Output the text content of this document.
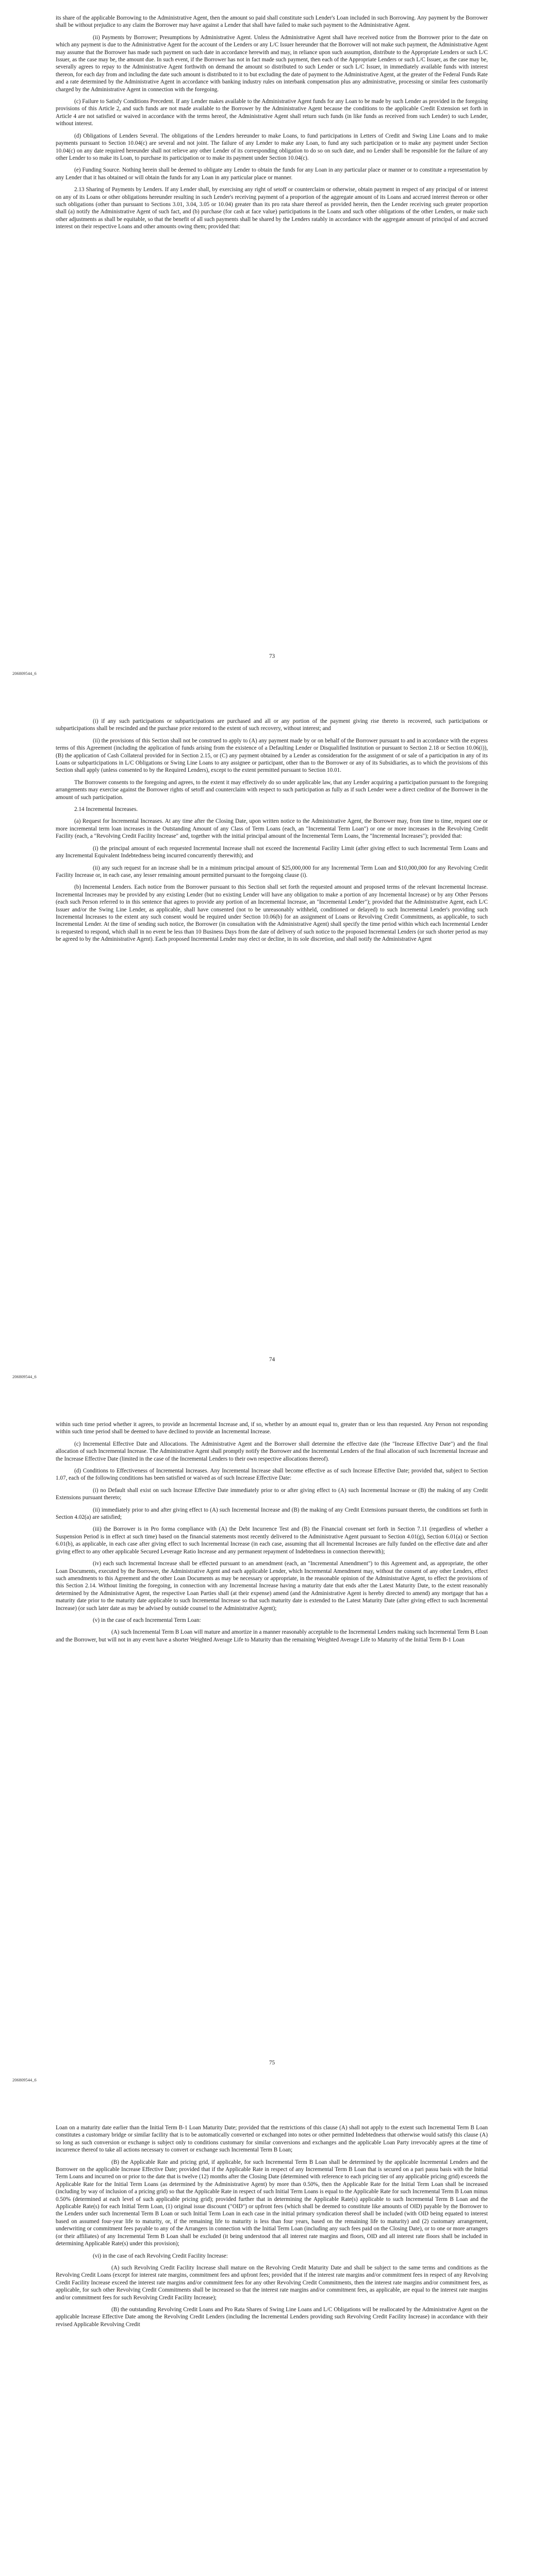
its share of the applicable Borrowing to the Administrative Agent, then the amount so paid shall constitute such Lender's Loan included in such Borrowing. Any payment by the Borrower shall be without prejudice to any claim the Borrower may have against a Lender that shall have failed to make such payment to the Administrative Agent.

(ii) Payments by Borrower; Presumptions by Administrative Agent. Unless the Administrative Agent shall have received notice from the Borrower prior to the date on which any payment is due to the Administrative Agent for the account of the Lenders or any L/C Issuer hereunder that the Borrower will not make such payment, the Administrative Agent may assume that the Borrower has made such payment on such date in accordance herewith and may, in reliance upon such assumption, distribute to the Appropriate Lenders or such L/C Issuer, as the case may be, the amount due. In such event, if the Borrower has not in fact made such payment, then each of the Appropriate Lenders or such L/C Issuer, as the case may be, severally agrees to repay to the Administrative Agent forthwith on demand the amount so distributed to such Lender or such L/C Issuer, in immediately available funds with interest thereon, for each day from and including the date such amount is distributed to it to but excluding the date of payment to the Administrative Agent, at the greater of the Federal Funds Rate and a rate determined by the Administrative Agent in accordance with banking industry rules on interbank compensation plus any administrative, processing or similar fees customarily charged by the Administrative Agent in connection with the foregoing.

(c) Failure to Satisfy Conditions Precedent. If any Lender makes available to the Administrative Agent funds for any Loan to be made by such Lender as provided in the foregoing provisions of this Article 2, and such funds are not made available to the Borrower by the Administrative Agent because the conditions to the applicable Credit Extension set forth in Article 4 are not satisfied or waived in accordance with the terms hereof, the Administrative Agent shall return such funds (in like funds as received from such Lender) to such Lender, without interest.

(d) Obligations of Lenders Several. The obligations of the Lenders hereunder to make Loans, to fund participations in Letters of Credit and Swing Line Loans and to make payments pursuant to Section 10.04(c) are several and not joint. The failure of any Lender to make any Loan, to fund any such participation or to make any payment under Section 10.04(c) on any date required hereunder shall not relieve any other Lender of its corresponding obligation to do so on such date, and no Lender shall be responsible for the failure of any other Lender to so make its Loan, to purchase its participation or to make its payment under Section 10.04(c).

(e) Funding Source. Nothing herein shall be deemed to obligate any Lender to obtain the funds for any Loan in any particular place or manner or to constitute a representation by any Lender that it has obtained or will obtain the funds for any Loan in any particular place or manner.

2.13 Sharing of Payments by Lenders. If any Lender shall, by exercising any right of setoff or counterclaim or otherwise, obtain payment in respect of any principal of or interest on any of its Loans or other obligations hereunder resulting in such Lender's receiving payment of a proportion of the aggregate amount of its Loans and accrued interest thereon or other such obligations (other than pursuant to Sections 3.01, 3.04, 3.05 or 10.04) greater than its pro rata share thereof as provided herein, then the Lender receiving such greater proportion shall (a) notify the Administrative Agent of such fact, and (b) purchase (for cash at face value) participations in the Loans and such other obligations of the other Lenders, or make such other adjustments as shall be equitable, so that the benefit of all such payments shall be shared by the Lenders ratably in accordance with the aggregate amount of principal of and accrued interest on their respective Loans and other amounts owing them; provided that:

73
206809544_6

(i) if any such participations or subparticipations are purchased and all or any portion of the payment giving rise thereto is recovered, such participations or subparticipations shall be rescinded and the purchase price restored to the extent of such recovery, without interest; and

(ii) the provisions of this Section shall not be construed to apply to (A) any payment made by or on behalf of the Borrower pursuant to and in accordance with the express terms of this Agreement (including the application of funds arising from the existence of a Defaulting Lender or Disqualified Institution or pursuant to Section 2.18 or Section 10.06(i)), (B) the application of Cash Collateral provided for in Section 2.15, or (C) any payment obtained by a Lender as consideration for the assignment of or sale of a participation in any of its Loans or subparticipations in L/C Obligations or Swing Line Loans to any assignee or participant, other than to the Borrower or any of its Subsidiaries, as to which the provisions of this Section shall apply (unless consented to by the Required Lenders), except to the extent permitted pursuant to Section 10.01.

The Borrower consents to the foregoing and agrees, to the extent it may effectively do so under applicable law, that any Lender acquiring a participation pursuant to the foregoing arrangements may exercise against the Borrower rights of setoff and counterclaim with respect to such participation as fully as if such Lender were a direct creditor of the Borrower in the amount of such participation.

2.14 Incremental Increases.

(a) Request for Incremental Increases. At any time after the Closing Date, upon written notice to the Administrative Agent, the Borrower may, from time to time, request one or more incremental term loan increases in the Outstanding Amount of any Class of Term Loans (each, an "Incremental Term Loan") or one or more increases in the Revolving Credit Facility (each, a "Revolving Credit Facility Increase" and, together with the initial principal amount of the Incremental Term Loans, the "Incremental Increases"); provided that:

(i) the principal amount of each requested Incremental Increase shall not exceed the Incremental Facility Limit (after giving effect to such Incremental Term Loans and any Incremental Equivalent Indebtedness being incurred concurrently therewith); and

(ii) any such request for an increase shall be in a minimum principal amount of $25,000,000 for any Incremental Term Loan and $10,000,000 for any Revolving Credit Facility Increase or, in each case, any lesser remaining amount permitted pursuant to the foregoing clause (i).

(b) Incremental Lenders. Each notice from the Borrower pursuant to this Section shall set forth the requested amount and proposed terms of the relevant Incremental Increase. Incremental Increases may be provided by any existing Lender (but no existing Lender will have any obligation to make a portion of any Incremental Increase) or by any Other Persons (each such Person referred to in this sentence that agrees to provide any portion of an Incremental Increase, an "Incremental Lender"); provided that the Administrative Agent, each L/C Issuer and/or the Swing Line Lender, as applicable, shall have consented (not to be unreasonably withheld, conditioned or delayed) to such Incremental Lender's providing such Incremental Increases to the extent any such consent would be required under Section 10.06(b) for an assignment of Loans or Revolving Credit Commitments, as applicable, to such Incremental Lender. At the time of sending such notice, the Borrower (in consultation with the Administrative Agent) shall specify the time period within which each Incremental Lender is requested to respond, which shall in no event be less than 10 Business Days from the date of delivery of such notice to the proposed Incremental Lenders (or such shorter period as may be agreed to by the Administrative Agent). Each proposed Incremental Lender may elect or decline, in its sole discretion, and shall notify the Administrative Agent

74
206809544_6

within such time period whether it agrees, to provide an Incremental Increase and, if so, whether by an amount equal to, greater than or less than requested. Any Person not responding within such time period shall be deemed to have declined to provide an Incremental Increase.

(c) Incremental Effective Date and Allocations. The Administrative Agent and the Borrower shall determine the effective date (the "Increase Effective Date") and the final allocation of such Incremental Increase. The Administrative Agent shall promptly notify the Borrower and the Incremental Lenders of the final allocation of such Incremental Increase and the Increase Effective Date (limited in the case of the Incremental Lenders to their own respective allocations thereof).

(d) Conditions to Effectiveness of Incremental Increases. Any Incremental Increase shall become effective as of such Increase Effective Date; provided that, subject to Section 1.07, each of the following conditions has been satisfied or waived as of such Increase Effective Date:

(i) no Default shall exist on such Increase Effective Date immediately prior to or after giving effect to (A) such Incremental Increase or (B) the making of any Credit Extensions pursuant thereto;

(ii) immediately prior to and after giving effect to (A) such Incremental Increase and (B) the making of any Credit Extensions pursuant thereto, the conditions set forth in Section 4.02(a) are satisfied;

(iii) the Borrower is in Pro forma compliance with (A) the Debt Incurrence Test and (B) the Financial covenant set forth in Section 7.11 (regardless of whether a Suspension Period is in effect at such time) based on the financial statements most recently delivered to the Administrative Agent pursuant to Section 4.01(g), Section 6.01(a) or Section 6.01(b), as applicable, in each case after giving effect to such Incremental Increase (in each case, assuming that all Incremental Increases are fully funded on the effective date and after giving effect to any other applicable Secured Leverage Ratio Increase and any permanent repayment of Indebtedness in connection therewith);

(iv) each such Incremental Increase shall be effected pursuant to an amendment (each, an "Incremental Amendment") to this Agreement and, as appropriate, the other Loan Documents, executed by the Borrower, the Administrative Agent and each applicable Lender, which Incremental Amendment may, without the consent of any other Lenders, effect such amendments to this Agreement and the other Loan Documents as may be necessary or appropriate, in the reasonable opinion of the Administrative Agent, to effect the provisions of this Section 2.14. Without limiting the foregoing, in connection with any Incremental Increase having a maturity date that ends after the Latest Maturity Date, to the extent reasonably determined by the Administrative Agent, the respective Loan Parties shall (at their expense) amend (and the Administrative Agent is hereby directed to amend) any mortgage that has a maturity date prior to the maturity date applicable to such Incremental Increase so that such maturity date is extended to the Latest Maturity Date (after giving effect to such Incremental Increase) (or such later date as may be advised by outside counsel to the Administrative Agent);

(v) in the case of each Incremental Term Loan:

(A) such Incremental Term B Loan will mature and amortize in a manner reasonably acceptable to the Incremental Lenders making such Incremental Term B Loan and the Borrower, but will not in any event have a shorter Weighted Average Life to Maturity than the remaining Weighted Average Life to Maturity of the Initial Term B-1 Loan

75
206809544_6

Loan on a maturity date earlier than the Initial Term B-1 Loan Maturity Date; provided that the restrictions of this clause (A) shall not apply to the extent such Incremental Term B Loan constitutes a customary bridge or similar facility that is to be automatically converted or exchanged into notes or other permitted Indebtedness that otherwise would satisfy this clause (A) so long as such conversion or exchange is subject only to conditions customary for similar conversions and exchanges and the applicable Loan Party irrevocably agrees at the time of incurrence thereof to take all actions necessary to convert or exchange such Incremental Term B Loan;

(B) the Applicable Rate and pricing grid, if applicable, for such Incremental Term B Loan shall be determined by the applicable Incremental Lenders and the Borrower on the applicable Increase Effective Date; provided that if the Applicable Rate in respect of any Incremental Term B Loan that is secured on a pari passu basis with the Initial Term Loans and incurred on or prior to the date that is twelve (12) months after the Closing Date (determined with reference to each pricing tier of any applicable pricing grid) exceeds the Applicable Rate for the Initial Term Loans (as determined by the Administrative Agent) by more than 0.50%, then the Applicable Rate for the Initial Term Loan shall be increased (including by way of inclusion of a pricing grid) so that the Applicable Rate in respect of such Initial Term Loans is equal to the Applicable Rate for such Incremental Term B Loan minus 0.50% (determined at each level of such applicable pricing grid); provided further that in determining the Applicable Rate(s) applicable to such Incremental Term B Loan and the Applicable Rate(s) for each Initial Term Loan, (1) original issue discount ("OID") or upfront fees (which shall be deemed to constitute like amounts of OID) payable by the Borrower to the Lenders under such Incremental Term B Loan or such Initial Term Loan in each case in the initial primary syndication thereof shall be included (with OID being equated to interest based on assumed four-year life to maturity, or, if the remaining life to maturity is less than four years, based on the remaining life to maturity) and (2) customary arrangement, underwriting or commitment fees payable to any of the Arrangers in connection with the Initial Term Loan (including any such fees paid on the Closing Date), or to one or more arrangers (or their affiliates) of any Incremental Term B Loan shall be excluded (it being understood that all interest rate margins and floors, OID and all interest rate floors shall be included in determining Applicable Rate(s) under this provision);

(vi) in the case of each Revolving Credit Facility Increase:

(A) such Revolving Credit Facility Increase shall mature on the Revolving Credit Maturity Date and shall be subject to the same terms and conditions as the Revolving Credit Loans (except for interest rate margins, commitment fees and upfront fees; provided that if the interest rate margins and/or commitment fees in respect of any Revolving Credit Facility Increase exceed the interest rate margins and/or commitment fees for any other Revolving Credit Commitments, then the interest rate margins and/or commitment fees, as applicable, for such other Revolving Credit Commitments shall be increased so that the interest rate margins and/or commitment fees, as applicable, are equal to the interest rate margins and/or commitment fees for such Revolving Credit Facility Increase);

(B) the outstanding Revolving Credit Loans and Pro Rata Shares of Swing Line Loans and L/C Obligations will be reallocated by the Administrative Agent on the applicable Increase Effective Date among the Revolving Credit Lenders (including the Incremental Lenders providing such Revolving Credit Facility Increase) in accordance with their revised Applicable Revolving Credit
